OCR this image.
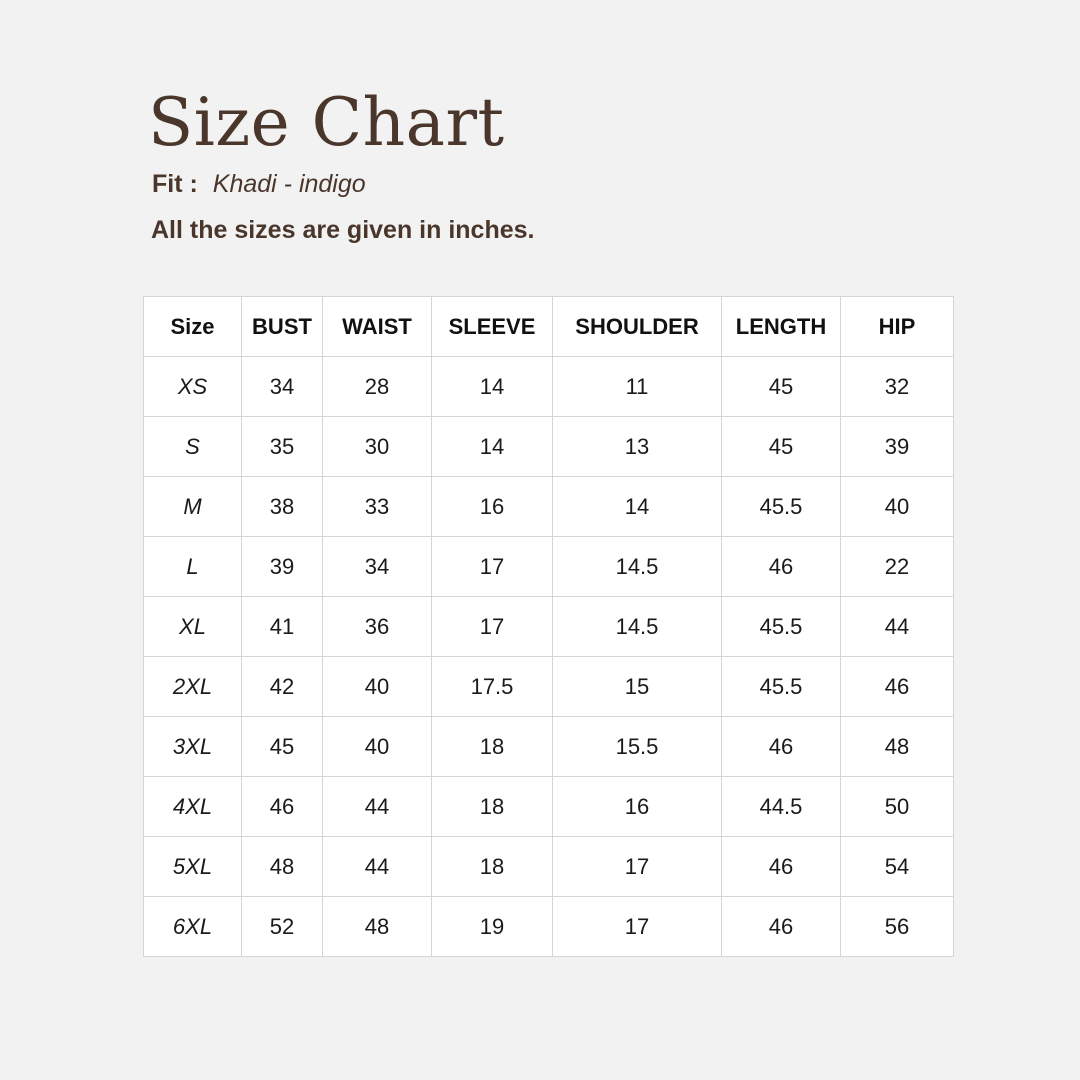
Size Chart
Fit : Khadi - indigo
All the sizes are given in inches.
Size	BUST	WAIST	SLEEVE	SHOULDER	LENGTH	HIP
XS	34	28	14	11	45	32
S	35	30	14	13	45	39
M	38	33	16	14	45.5	40
L	39	34	17	14.5	46	22
XL	41	36	17	14.5	45.5	44
2XL	42	40	17.5	15	45.5	46
3XL	45	40	18	15.5	46	48
4XL	46	44	18	16	44.5	50
5XL	48	44	18	17	46	54
6XL	52	48	19	17	46	56
